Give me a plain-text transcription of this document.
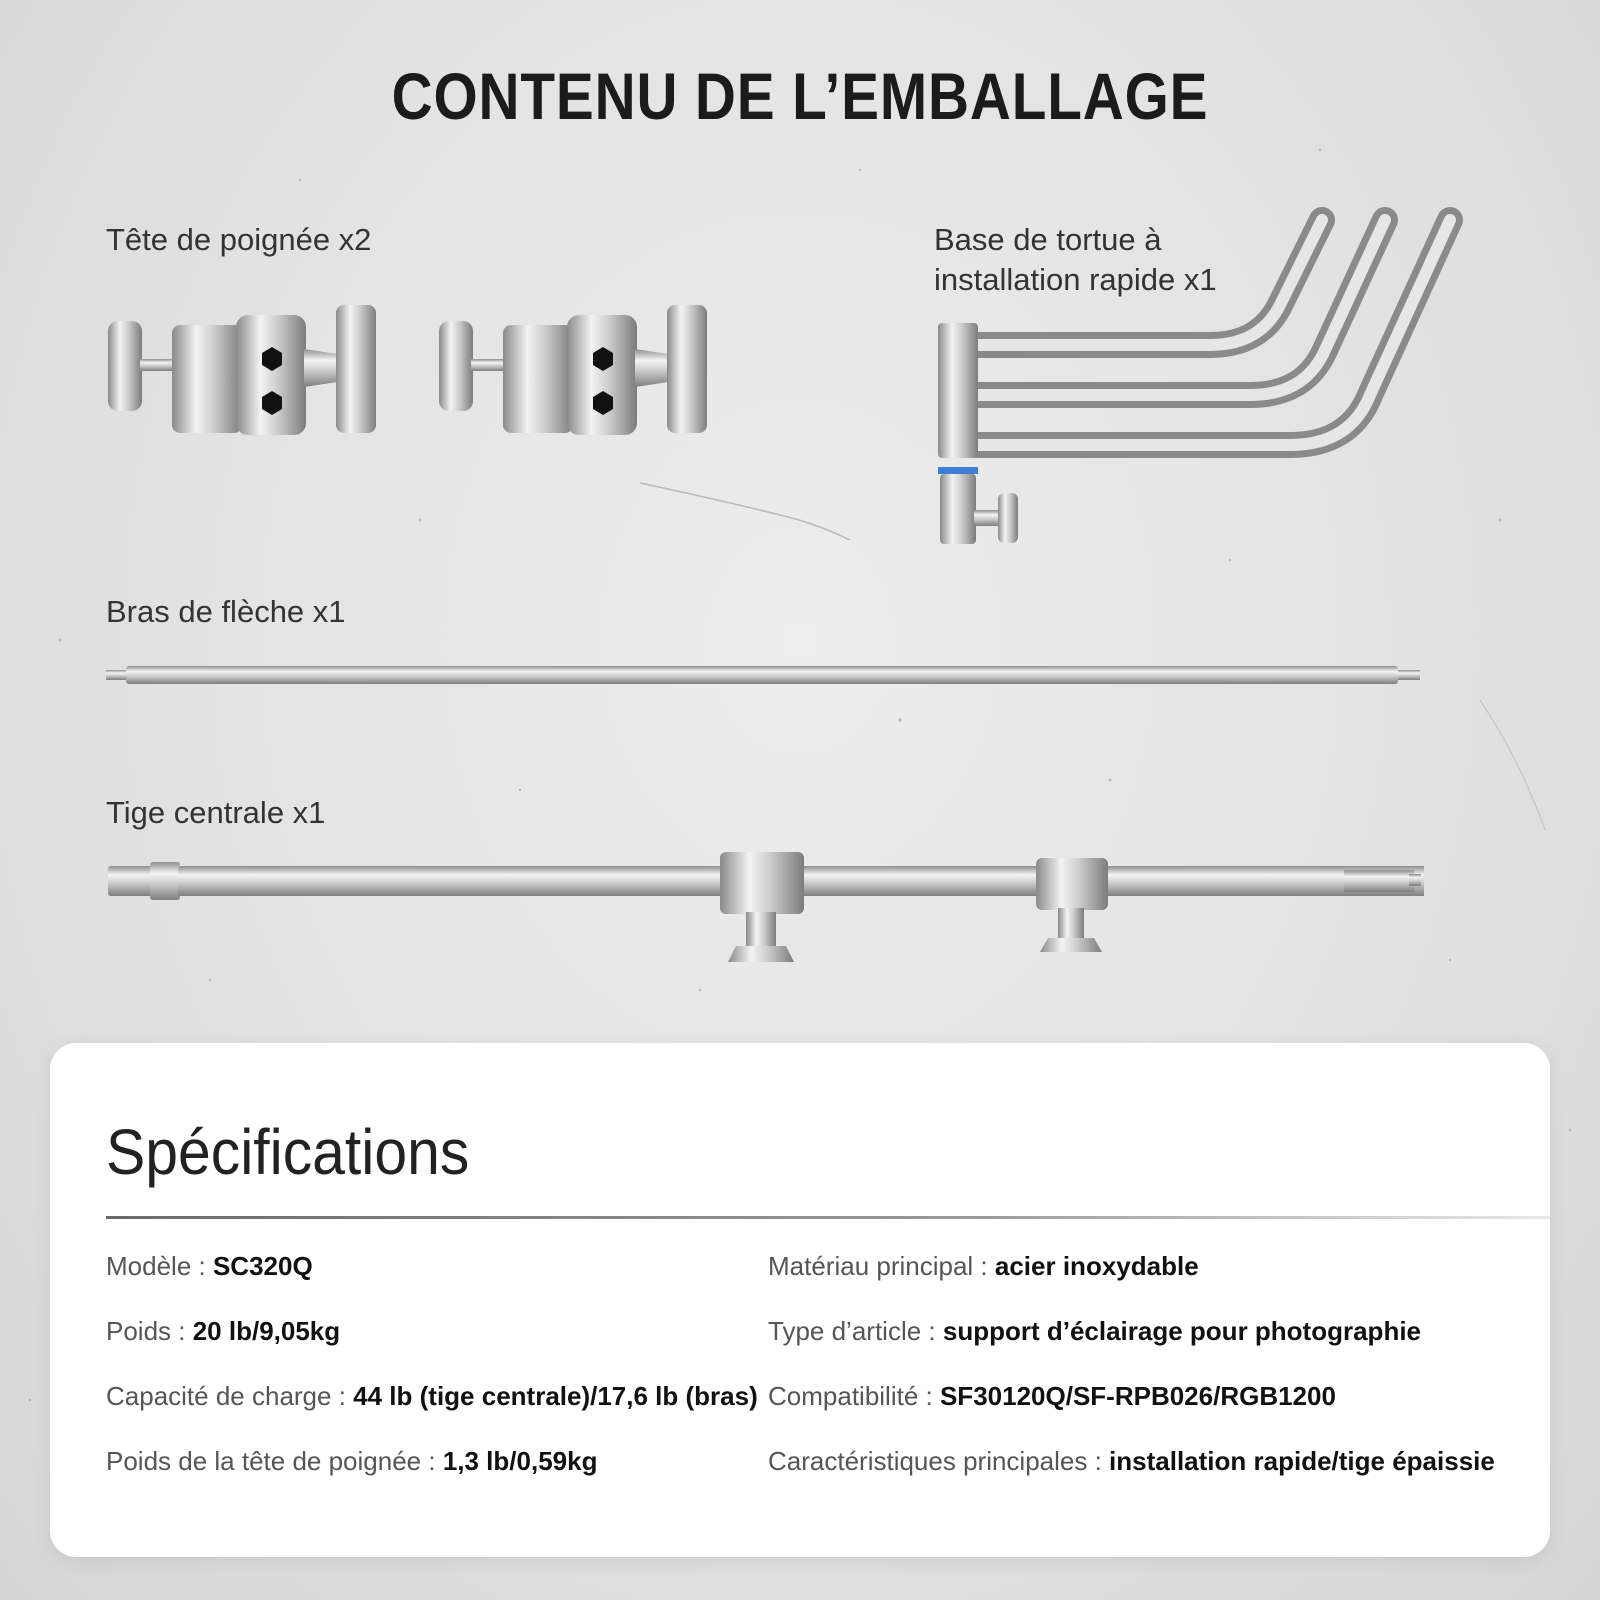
CONTENU DE L’EMBALLAGE
Tête de poignée x2	Base de tortue à
installation rapide x1
Bras de flèche x1
Tige centrale x1
Spécifications
Modèle : SC320Q
Poids : 20 lb/9,05kg
Capacité de charge : 44 lb (tige centrale)/17,6 lb (bras)
Poids de la tête de poignée : 1,3 lb/0,59kg
Matériau principal : acier inoxydable
Type d’article : support d’éclairage pour photographie
Compatibilité : SF30120Q/SF-RPB026/RGB1200
Caractéristiques principales : installation rapide/tige épaissie
